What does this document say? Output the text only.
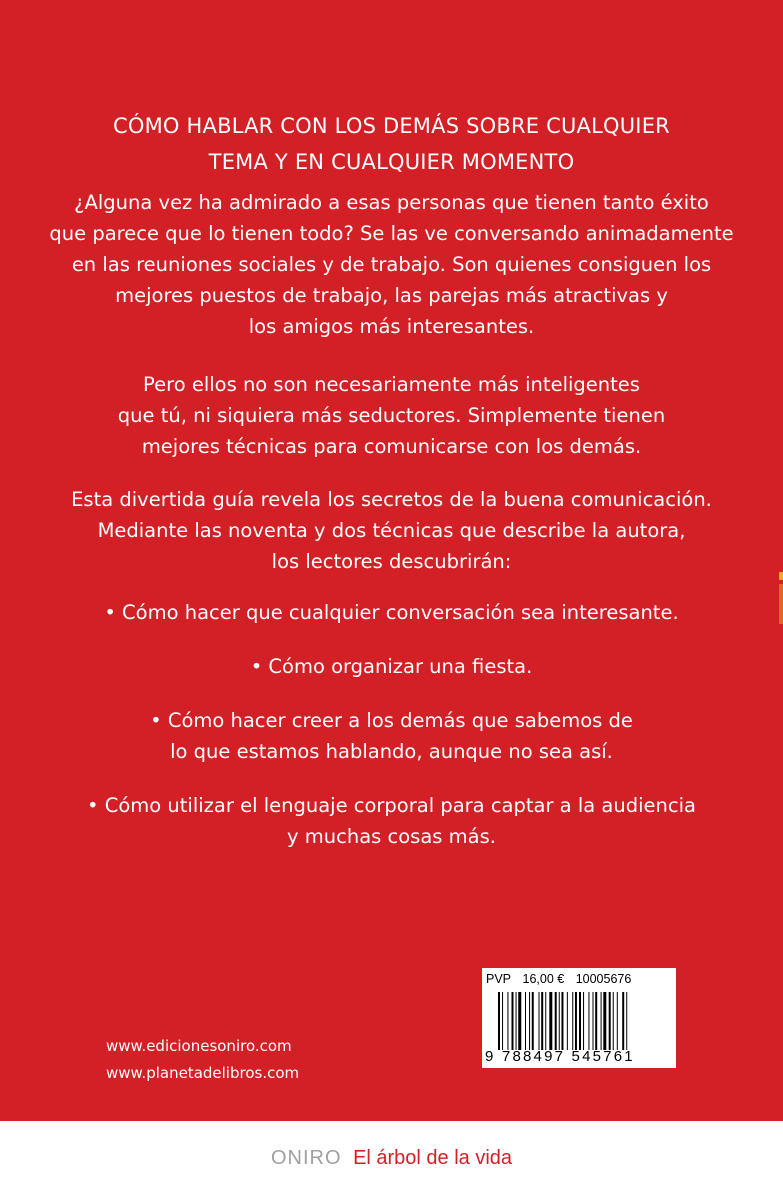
CÓMO HABLAR CON LOS DEMÁS SOBRE CUALQUIER
TEMA Y EN CUALQUIER MOMENTO
¿Alguna vez ha admirado a esas personas que tienen tanto éxito
que parece que lo tienen todo? Se las ve conversando animadamente
en las reuniones sociales y de trabajo. Son quienes consiguen los
mejores puestos de trabajo, las parejas más atractivas y
los amigos más interesantes.
Pero ellos no son necesariamente más inteligentes
que tú, ni siquiera más seductores. Simplemente tienen
mejores técnicas para comunicarse con los demás.
Esta divertida guía revela los secretos de la buena comunicación.
Mediante las noventa y dos técnicas que describe la autora,
los lectores descubrirán:
• Cómo hacer que cualquier conversación sea interesante.
• Cómo organizar una fiesta.
• Cómo hacer creer a los demás que sabemos de
lo que estamos hablando, aunque no sea así.
• Cómo utilizar el lenguaje corporal para captar a la audiencia
y muchas cosas más.
www.edicionesoniro.com
www.planetadelibros.com
PVP 16,00 € 10005676
9 788497 545761
ONIRO El árbol de la vida
